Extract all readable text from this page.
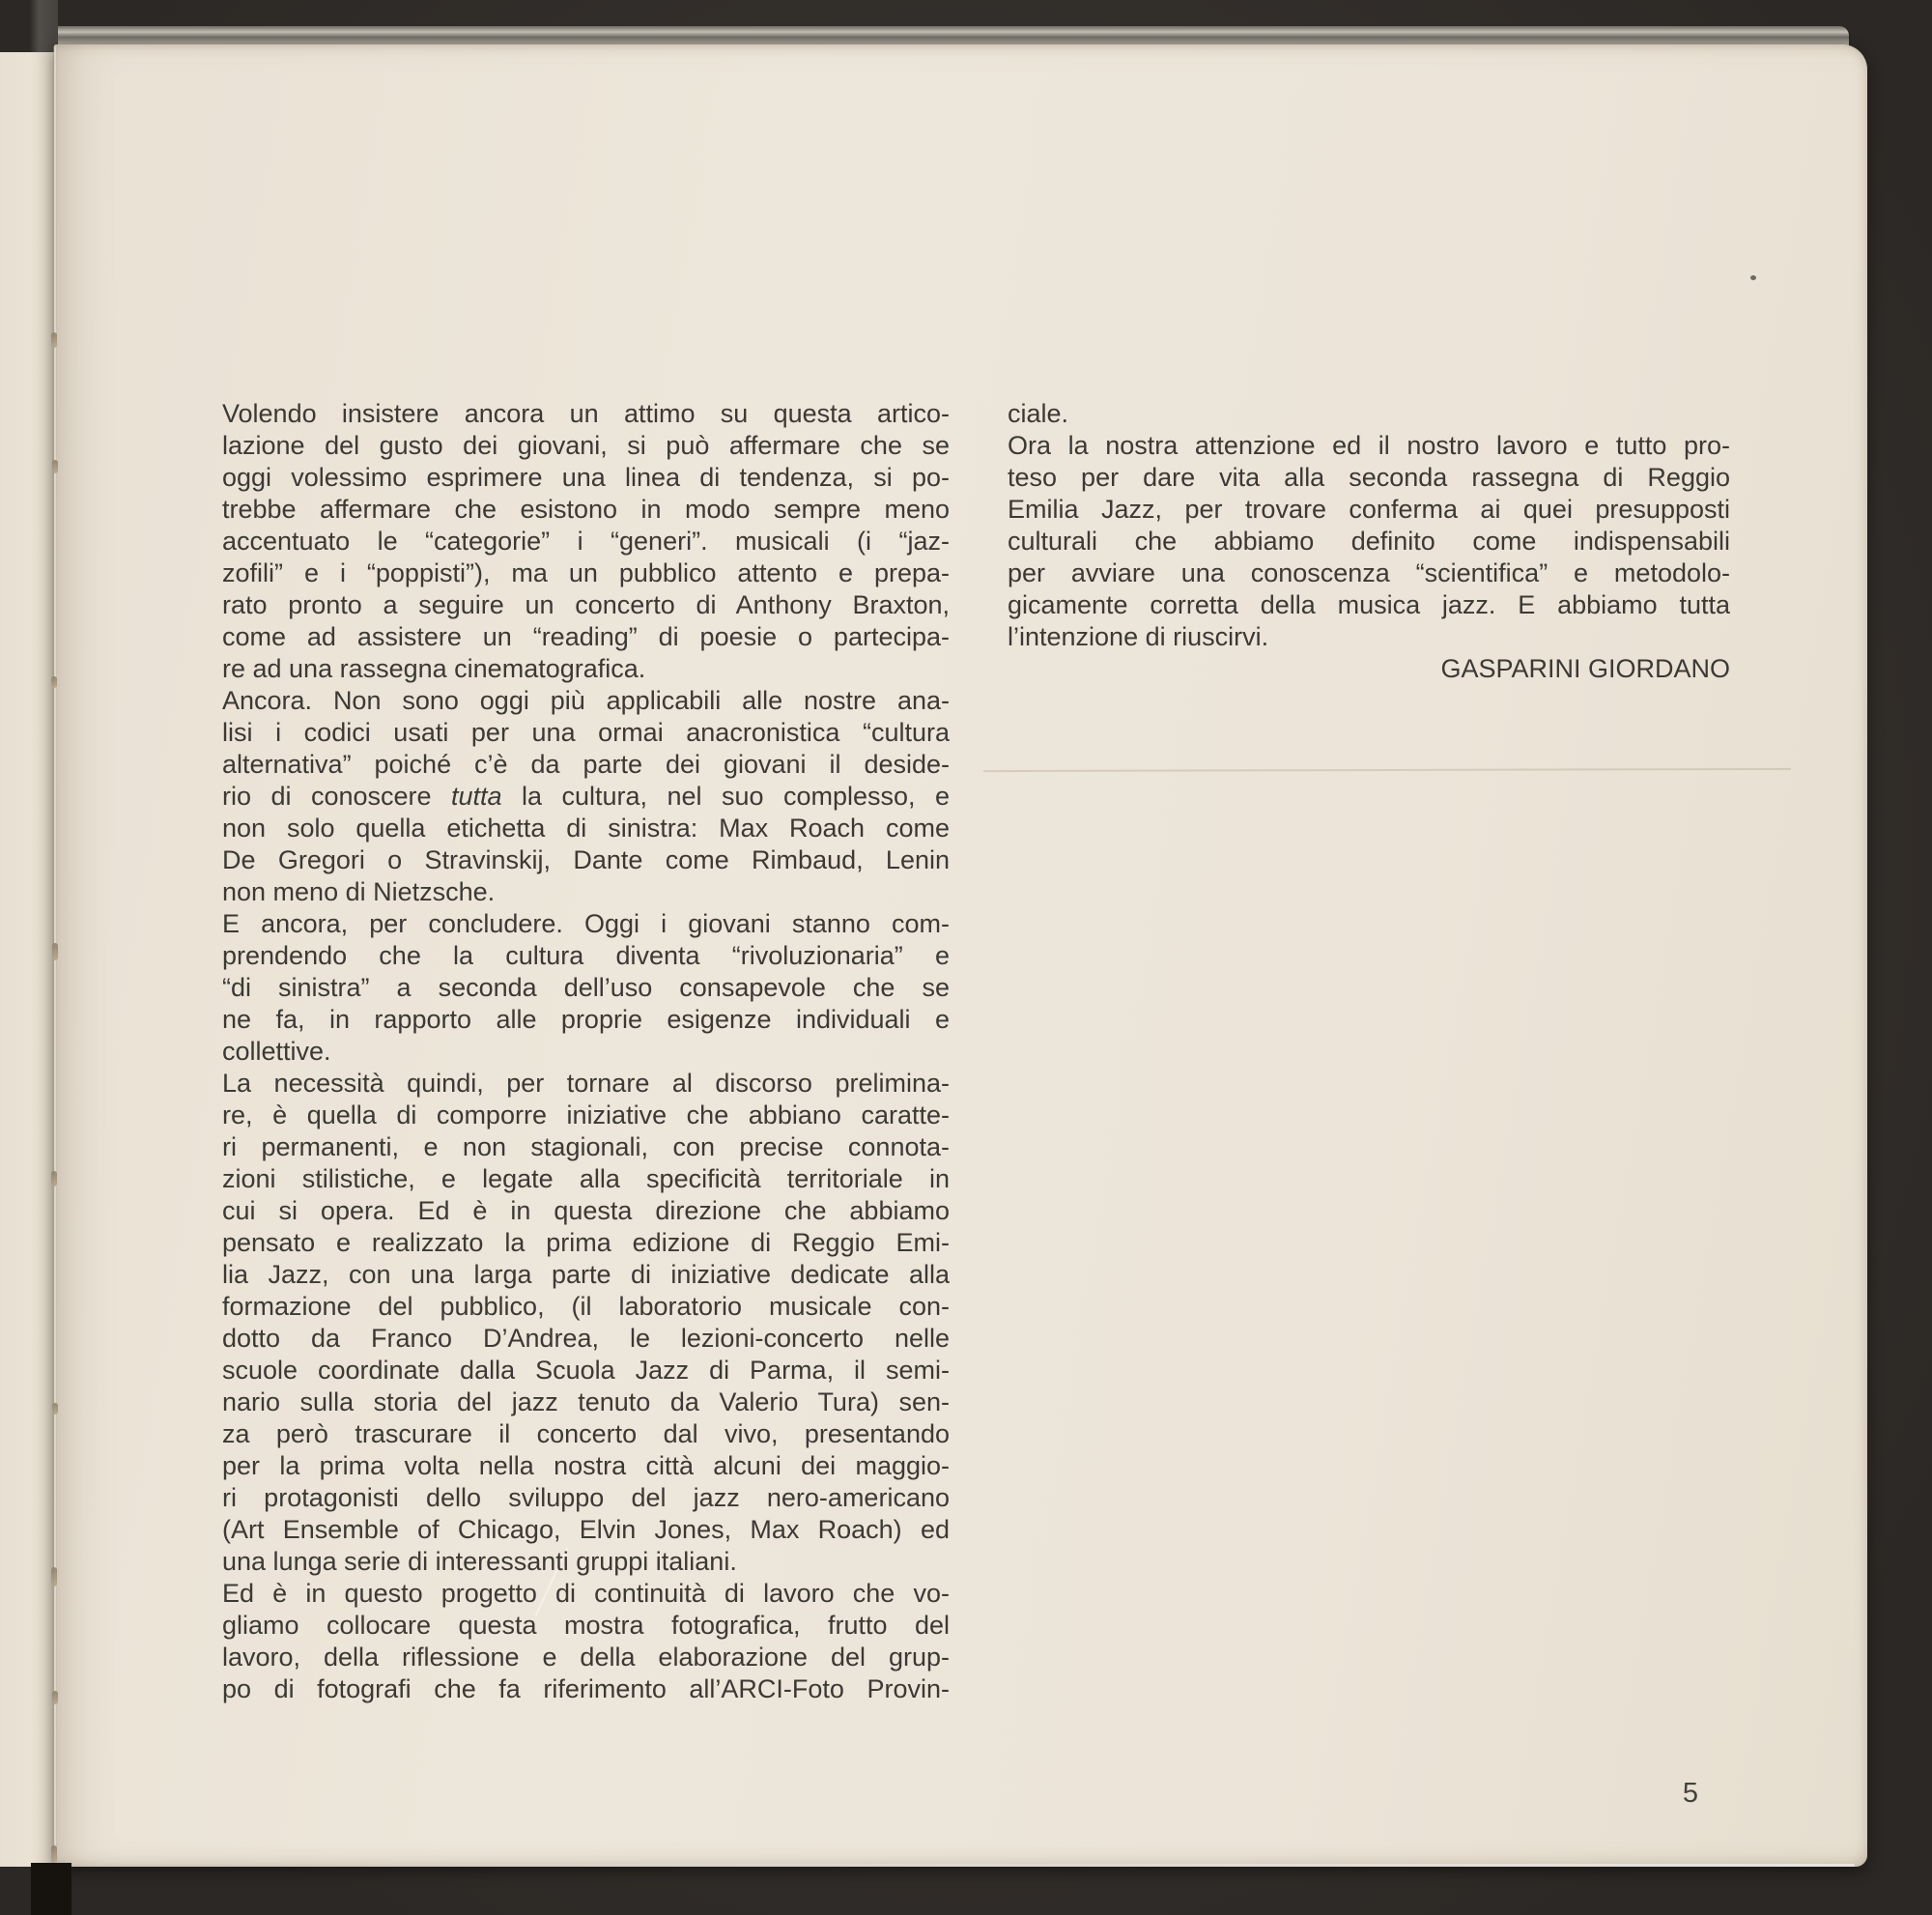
Volendo insistere ancora un attimo su questa artico-
lazione del gusto dei giovani, si può affermare che se
oggi volessimo esprimere una linea di tendenza, si po-
trebbe affermare che esistono in modo sempre meno
accentuato le “categorie” i “generi”. musicali (i “jaz-
zofili” e i “poppisti”), ma un pubblico attento e prepa-
rato pronto a seguire un concerto di Anthony Braxton,
come ad assistere un “reading” di poesie o partecipa-
re ad una rassegna cinematografica.
Ancora. Non sono oggi più applicabili alle nostre ana-
lisi i codici usati per una ormai anacronistica “cultura
alternativa” poiché c’è da parte dei giovani il deside-
rio di conoscere tutta la cultura, nel suo complesso, e
non solo quella etichetta di sinistra: Max Roach come
De Gregori o Stravinskij, Dante come Rimbaud, Lenin
non meno di Nietzsche.
E ancora, per concludere. Oggi i giovani stanno com-
prendendo che la cultura diventa “rivoluzionaria” e
“di sinistra” a seconda dell’uso consapevole che se
ne fa, in rapporto alle proprie esigenze individuali e
collettive.
La necessità quindi, per tornare al discorso prelimina-
re, è quella di comporre iniziative che abbiano caratte-
ri permanenti, e non stagionali, con precise connota-
zioni stilistiche, e legate alla specificità territoriale in
cui si opera. Ed è in questa direzione che abbiamo
pensato e realizzato la prima edizione di Reggio Emi-
lia Jazz, con una larga parte di iniziative dedicate alla
formazione del pubblico, (il laboratorio musicale con-
dotto da Franco D’Andrea, le lezioni-concerto nelle
scuole coordinate dalla Scuola Jazz di Parma, il semi-
nario sulla storia del jazz tenuto da Valerio Tura) sen-
za però trascurare il concerto dal vivo, presentando
per la prima volta nella nostra città alcuni dei maggio-
ri protagonisti dello sviluppo del jazz nero-americano
(Art Ensemble of Chicago, Elvin Jones, Max Roach) ed
una lunga serie di interessanti gruppi italiani.
Ed è in questo progetto di continuità di lavoro che vo-
gliamo collocare questa mostra fotografica, frutto del
lavoro, della riflessione e della elaborazione del grup-
po di fotografi che fa riferimento all’ARCI-Foto Provin-
ciale.
Ora la nostra attenzione ed il nostro lavoro e tutto pro-
teso per dare vita alla seconda rassegna di Reggio
Emilia Jazz, per trovare conferma ai quei presupposti
culturali che abbiamo definito come indispensabili
per avviare una conoscenza “scientifica” e metodolo-
gicamente corretta della musica jazz. E abbiamo tutta
l’intenzione di riuscirvi.
GASPARINI GIORDANO
5
